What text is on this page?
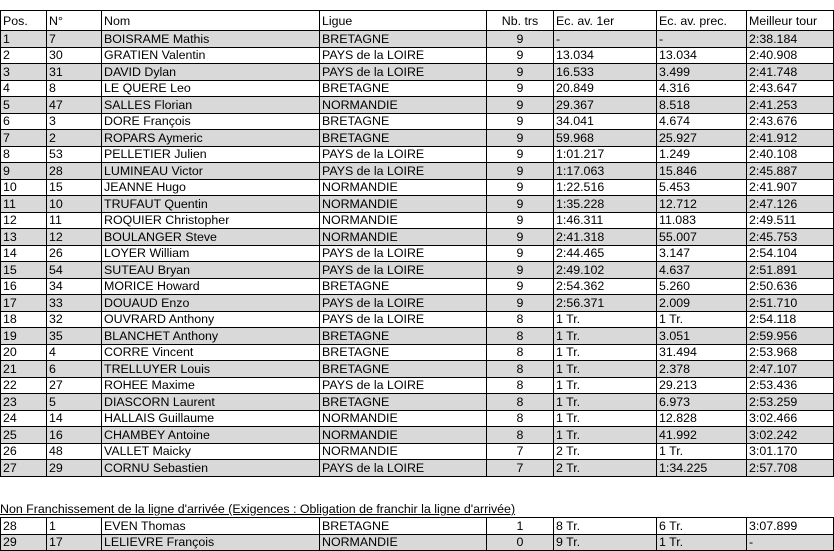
Pos.	N°	Nom	Ligue	Nb. trs	Ec. av. 1er	Ec. av. prec.	Meilleur tour
1	7	BOISRAME Mathis	BRETAGNE	9	-	-	2:38.184
2	30	GRATIEN Valentin	PAYS de la LOIRE	9	13.034	13.034	2:40.908
3	31	DAVID Dylan	PAYS de la LOIRE	9	16.533	3.499	2:41.748
4	8	LE QUERE Leo	BRETAGNE	9	20.849	4.316	2:43.647
5	47	SALLES Florian	NORMANDIE	9	29.367	8.518	2:41.253
6	3	DORE François	BRETAGNE	9	34.041	4.674	2:43.676
7	2	ROPARS Aymeric	BRETAGNE	9	59.968	25.927	2:41.912
8	53	PELLETIER Julien	PAYS de la LOIRE	9	1:01.217	1.249	2:40.108
9	28	LUMINEAU Victor	PAYS de la LOIRE	9	1:17.063	15.846	2:45.887
10	15	JEANNE Hugo	NORMANDIE	9	1:22.516	5.453	2:41.907
11	10	TRUFAUT Quentin	NORMANDIE	9	1:35.228	12.712	2:47.126
12	11	ROQUIER Christopher	NORMANDIE	9	1:46.311	11.083	2:49.511
13	12	BOULANGER Steve	NORMANDIE	9	2:41.318	55.007	2:45.753
14	26	LOYER William	PAYS de la LOIRE	9	2:44.465	3.147	2:54.104
15	54	SUTEAU Bryan	PAYS de la LOIRE	9	2:49.102	4.637	2:51.891
16	34	MORICE Howard	BRETAGNE	9	2:54.362	5.260	2:50.636
17	33	DOUAUD Enzo	PAYS de la LOIRE	9	2:56.371	2.009	2:51.710
18	32	OUVRARD Anthony	PAYS de la LOIRE	8	1 Tr.	1 Tr.	2:54.118
19	35	BLANCHET Anthony	BRETAGNE	8	1 Tr.	3.051	2:59.956
20	4	CORRE Vincent	BRETAGNE	8	1 Tr.	31.494	2:53.968
21	6	TRELLUYER Louis	BRETAGNE	8	1 Tr.	2.378	2:47.107
22	27	ROHEE Maxime	PAYS de la LOIRE	8	1 Tr.	29.213	2:53.436
23	5	DIASCORN Laurent	BRETAGNE	8	1 Tr.	6.973	2:53.259
24	14	HALLAIS Guillaume	NORMANDIE	8	1 Tr.	12.828	3:02.466
25	16	CHAMBEY Antoine	NORMANDIE	8	1 Tr.	41.992	3:02.242
26	48	VALLET Maicky	NORMANDIE	7	2 Tr.	1 Tr.	3:01.170
27	29	CORNU Sebastien	PAYS de la LOIRE	7	2 Tr.	1:34.225	2:57.708
Non Franchissement de la ligne d'arrivée (Exigences : Obligation de franchir la ligne d'arrivée)
28	1	EVEN Thomas	BRETAGNE	1	8 Tr.	6 Tr.	3:07.899
29	17	LELIEVRE François	NORMANDIE	0	9 Tr.	1 Tr.	-
